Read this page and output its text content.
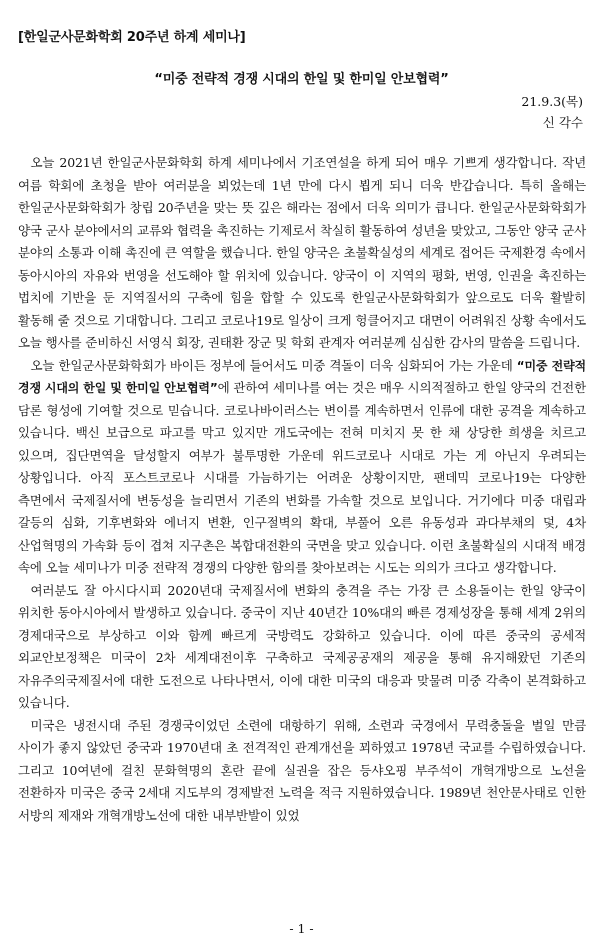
[한일군사문화학회 20주년 하계 세미나]
“미중 전략적 경쟁 시대의 한일 및 한미일 안보협력”
21.9.3(목)
신 각수

오늘 2021년 한일군사문화학회 하계 세미나에서 기조연설을 하게 되어 매우 기쁘게 생각합니다. 작년 여름 학회에 초청을 받아 여러분을 뵈었는데 1년 만에 다시 뵙게 되니 더욱 반갑습니다. 특히 올해는 한일군사문화학회가 창립 20주년을 맞는 뜻 깊은 해라는 점에서 더욱 의미가 큽니다. 한일군사문화학회가 양국 군사 분야에서의 교류와 협력을 촉진하는 기제로서 착실히 활동하여 성년을 맞았고, 그동안 양국 군사 분야의 소통과 이해 촉진에 큰 역할을 했습니다. 한일 양국은 초불확실성의 세계로 접어든 국제환경 속에서 동아시아의 자유와 번영을 선도해야 할 위치에 있습니다. 양국이 이 지역의 평화, 번영, 인권을 촉진하는 법치에 기반을 둔 지역질서의 구축에 힘을 합할 수 있도록 한일군사문화학회가 앞으로도 더욱 활발히 활동해 줄 것으로 기대합니다. 그리고 코로나19로 일상이 크게 헝클어지고 대면이 어려워진 상황 속에서도 오늘 행사를 준비하신 서영식 회장, 권태환 장군 및 학회 관계자 여러분께 심심한 감사의 말씀을 드립니다.

오늘 한일군사문화학회가 바이든 정부에 들어서도 미중 격돌이 더욱 심화되어 가는 가운데 “미중 전략적 경쟁 시대의 한일 및 한미일 안보협력”에 관하여 세미나를 여는 것은 매우 시의적절하고 한일 양국의 건전한 담론 형성에 기여할 것으로 믿습니다. 코로나바이러스는 변이를 계속하면서 인류에 대한 공격을 계속하고 있습니다. 백신 보급으로 파고를 막고 있지만 개도국에는 전혀 미치지 못 한 채 상당한 희생을 치르고 있으며, 집단면역을 달성할지 여부가 불투명한 가운데 위드코로나 시대로 가는 게 아닌지 우려되는 상황입니다. 아직 포스트코로나 시대를 가늠하기는 어려운 상황이지만, 팬데믹 코로나19는 다양한 측면에서 국제질서에 변동성을 늘리면서 기존의 변화를 가속할 것으로 보입니다. 거기에다 미중 대립과 갈등의 심화, 기후변화와 에너지 변환, 인구절벽의 확대, 부풀어 오른 유동성과 과다부채의 덫, 4차 산업혁명의 가속화 등이 겹쳐 지구촌은 복합대전환의 국면을 맞고 있습니다. 이런 초불확실의 시대적 배경 속에 오늘 세미나가 미중 전략적 경쟁의 다양한 함의를 찾아보려는 시도는 의의가 크다고 생각합니다.

여러분도 잘 아시다시피 2020년대 국제질서에 변화의 충격을 주는 가장 큰 소용돌이는 한일 양국이 위치한 동아시아에서 발생하고 있습니다. 중국이 지난 40년간 10%대의 빠른 경제성장을 통해 세계 2위의 경제대국으로 부상하고 이와 함께 빠르게 국방력도 강화하고 있습니다. 이에 따른 중국의 공세적 외교안보정책은 미국이 2차 세계대전이후 구축하고 국제공공재의 제공을 통해 유지해왔던 기존의 자유주의국제질서에 대한 도전으로 나타나면서, 이에 대한 미국의 대응과 맞물려 미중 각축이 본격화하고 있습니다.

미국은 냉전시대 주된 경쟁국이었던 소련에 대항하기 위해, 소련과 국경에서 무력충돌을 벌일 만큼 사이가 좋지 않았던 중국과 1970년대 초 전격적인 관계개선을 꾀하였고 1978년 국교를 수립하였습니다. 그리고 10여년에 걸친 문화혁명의 혼란 끝에 실권을 잡은 등샤오핑 부주석이 개혁개방으로 노선을 전환하자 미국은 중국 2세대 지도부의 경제발전 노력을 적극 지원하였습니다. 1989년 천안문사태로 인한 서방의 제재와 개혁개방노선에 대한 내부반발이 있었

- 1 -
